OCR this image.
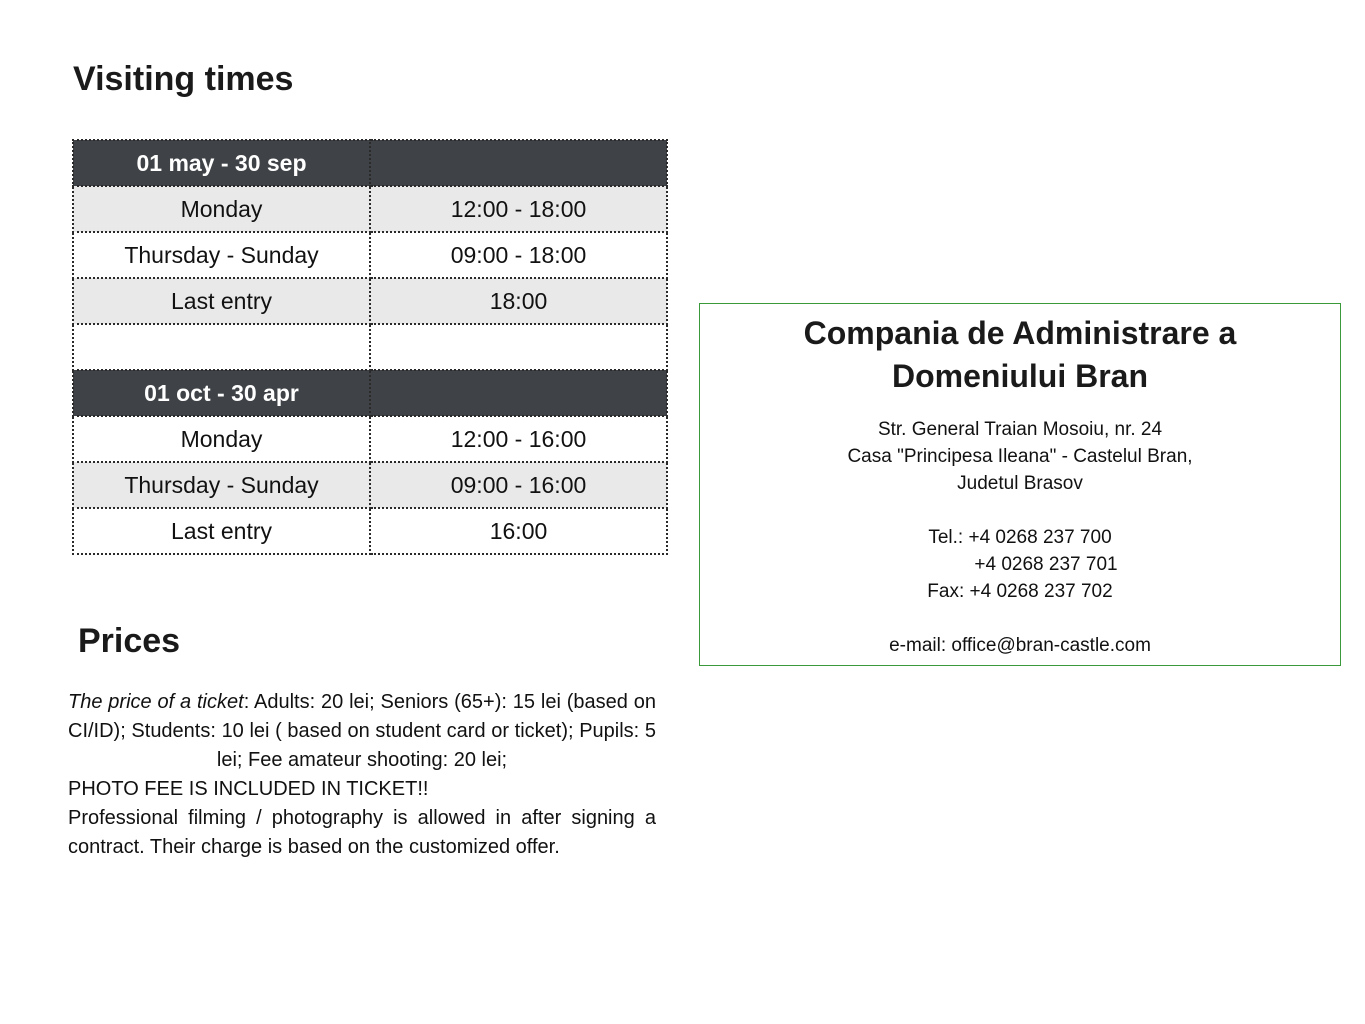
Visiting times
01 may - 30 sep	
Monday	12:00 - 18:00
Thursday - Sunday	09:00 - 18:00
Last entry	18:00

01 oct - 30 apr	
Monday	12:00 - 16:00
Thursday - Sunday	09:00 - 16:00
Last entry	16:00
Prices
The price of a ticket: Adults: 20 lei; Seniors (65+): 15 lei (based on CI/ID); Students: 10 lei ( based on student card or ticket); Pupils: 5 lei; Fee amateur shooting: 20 lei;
PHOTO FEE IS INCLUDED IN TICKET!!
Professional filming / photography is allowed in after signing a contract. Their charge is based on the customized offer.
Compania de Administrare a
Domeniului Bran
Str. General Traian Mosoiu, nr. 24
Casa "Principesa Ileana" - Castelul Bran,
Judetul Brasov
Tel.: +4 0268 237 700
+4 0268 237 701
Fax: +4 0268 237 702
e-mail: office@bran-castle.com
